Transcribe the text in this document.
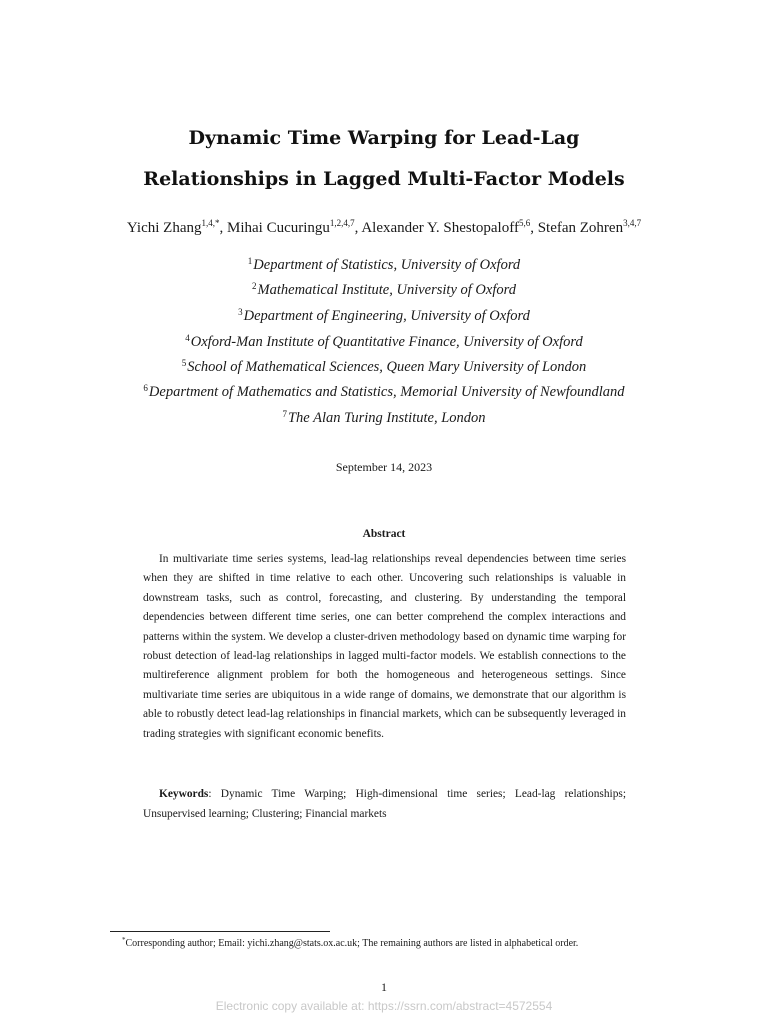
Dynamic Time Warping for Lead-Lag
Relationships in Lagged Multi-Factor Models
Yichi Zhang$^{1,4,*}$, Mihai Cucuringu$^{1,2,4,7}$, Alexander Y. Shestopaloff$^{5,6}$, Stefan Zohren$^{3,4,7}$
$^1$Department of Statistics, University of Oxford
$^2$Mathematical Institute, University of Oxford
$^3$Department of Engineering, University of Oxford
$^4$Oxford-Man Institute of Quantitative Finance, University of Oxford
$^5$School of Mathematical Sciences, Queen Mary University of London
$^6$Department of Mathematics and Statistics, Memorial University of Newfoundland
$^7$The Alan Turing Institute, London
September 14, 2023
Abstract

In multivariate time series systems, lead-lag relationships reveal dependencies between time series when they are shifted in time relative to each other. Uncovering such relationships is valuable in downstream tasks, such as control, forecasting, and clustering. By understanding the temporal dependencies between different time series, one can better comprehend the complex interactions and patterns within the system. We develop a cluster-driven methodology based on dynamic time warping for robust detection of lead-lag relationships in lagged multi-factor models. We establish connections to the multireference alignment problem for both the homogeneous and heterogeneous settings. Since multivariate time series are ubiquitous in a wide range of domains, we demonstrate that our algorithm is able to robustly detect lead-lag relationships in financial markets, which can be subsequently leveraged in trading strategies with significant economic benefits.

Keywords: Dynamic Time Warping; High-dimensional time series; Lead-lag relationships; Unsupervised learning; Clustering; Financial markets

*Corresponding author; Email: yichi.zhang@stats.ox.ac.uk; The remaining authors are listed in alphabetical order.

1
Electronic copy available at: https://ssrn.com/abstract=4572554
